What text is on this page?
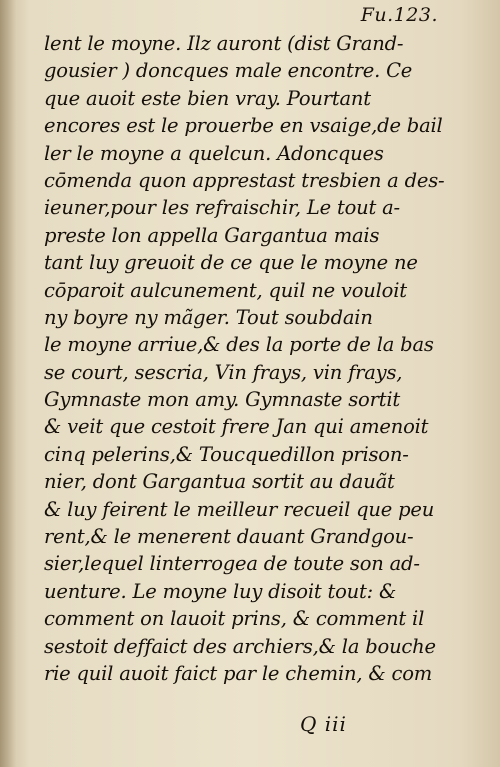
Fu.123.
lent le moyne. Ilz auront (dist Grand-
gousier ) doncques male encontre. Ce
que auoit este bien vray. Pourtant
encores est le prouerbe en vsaige,de bail
ler le moyne a quelcun. Adoncques
cōmenda quon apprestast tresbien a des-
ieuner,pour les refraischir, Le tout a-
preste lon appella Gargantua mais
tant luy greuoit de ce que le moyne ne
cōparoit aulcunement, quil ne vouloit
ny boyre ny mãger. Tout soubdain
le moyne arriue,& des la porte de la bas
se court, sescria, Vin frays, vin frays,
Gymnaste mon amy. Gymnaste sortit
& veit que cestoit frere Jan qui amenoit
cinq pelerins,& Toucquedillon prison-
nier, dont Gargantua sortit au dauãt
& luy feirent le meilleur recueil que peu
rent,& le menerent dauant Grandgou-
sier,lequel linterrogea de toute son ad-
uenture. Le moyne luy disoit tout: &
comment on lauoit prins, & comment il
sestoit deffaict des archiers,& la bouche
rie quil auoit faict par le chemin, & com
Q iii
